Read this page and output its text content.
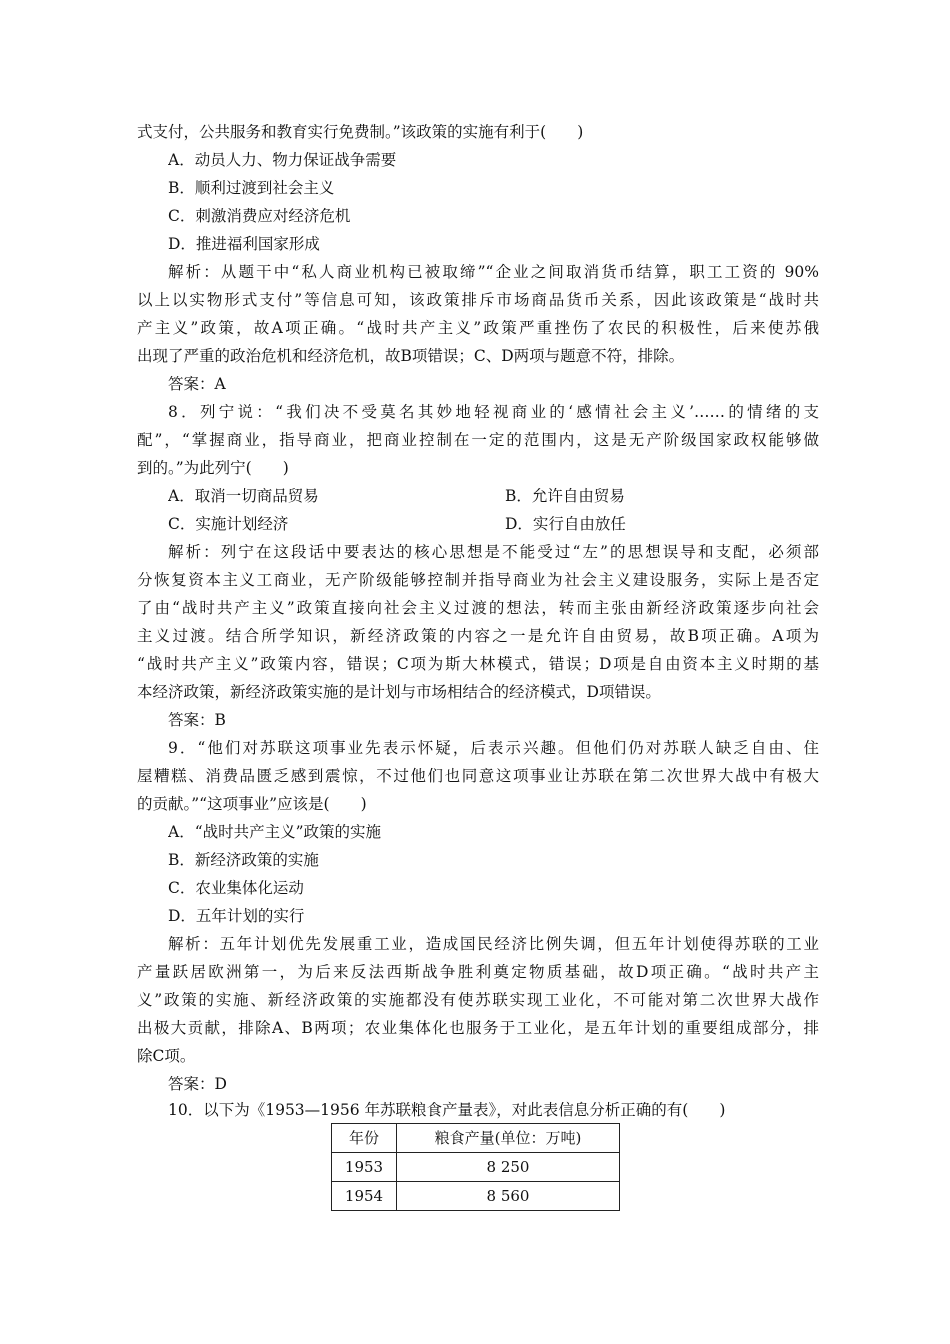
式支付，公共服务和教育实行免费制。”该政策的实施有利于(　　)
A．动员人力、物力保证战争需要
B．顺利过渡到社会主义
C．刺激消费应对经济危机
D．推进福利国家形成
解析：从题干中“私人商业机构已被取缔”“企业之间取消货币结算，职工工资的 90%
以上以实物形式支付”等信息可知，该政策排斥市场商品货币关系，因此该政策是“战时共
产主义”政策，故A项正确。“战时共产主义”政策严重挫伤了农民的积极性，后来使苏俄
出现了严重的政治危机和经济危机，故B项错误；C、D两项与题意不符，排除。
答案：A
8．列宁说：“我们决不受莫名其妙地轻视商业的‘感情社会主义’……的情绪的支
配”，“掌握商业，指导商业，把商业控制在一定的范围内，这是无产阶级国家政权能够做
到的。”为此列宁(　　)
A．取消一切商品贸易	B．允许自由贸易
C．实施计划经济	D．实行自由放任
解析：列宁在这段话中要表达的核心思想是不能受过“左”的思想误导和支配，必须部
分恢复资本主义工商业，无产阶级能够控制并指导商业为社会主义建设服务，实际上是否定
了由“战时共产主义”政策直接向社会主义过渡的想法，转而主张由新经济政策逐步向社会
主义过渡。结合所学知识，新经济政策的内容之一是允许自由贸易，故B项正确。A项为
“战时共产主义”政策内容，错误；C项为斯大林模式，错误；D项是自由资本主义时期的基
本经济政策，新经济政策实施的是计划与市场相结合的经济模式，D项错误。
答案：B
9．“他们对苏联这项事业先表示怀疑，后表示兴趣。但他们仍对苏联人缺乏自由、住
屋糟糕、消费品匮乏感到震惊，不过他们也同意这项事业让苏联在第二次世界大战中有极大
的贡献。”“这项事业”应该是(　　)
A．“战时共产主义”政策的实施
B．新经济政策的实施
C．农业集体化运动
D．五年计划的实行
解析：五年计划优先发展重工业，造成国民经济比例失调，但五年计划使得苏联的工业
产量跃居欧洲第一，为后来反法西斯战争胜利奠定物质基础，故D项正确。“战时共产主
义”政策的实施、新经济政策的实施都没有使苏联实现工业化，不可能对第二次世界大战作
出极大贡献，排除A、B两项；农业集体化也服务于工业化，是五年计划的重要组成部分，排
除C项。
答案：D
10．以下为《1953—1956 年苏联粮食产量表》，对此表信息分析正确的有(　　)
年份	粮食产量(单位：万吨)
1953	8 250
1954	8 560
